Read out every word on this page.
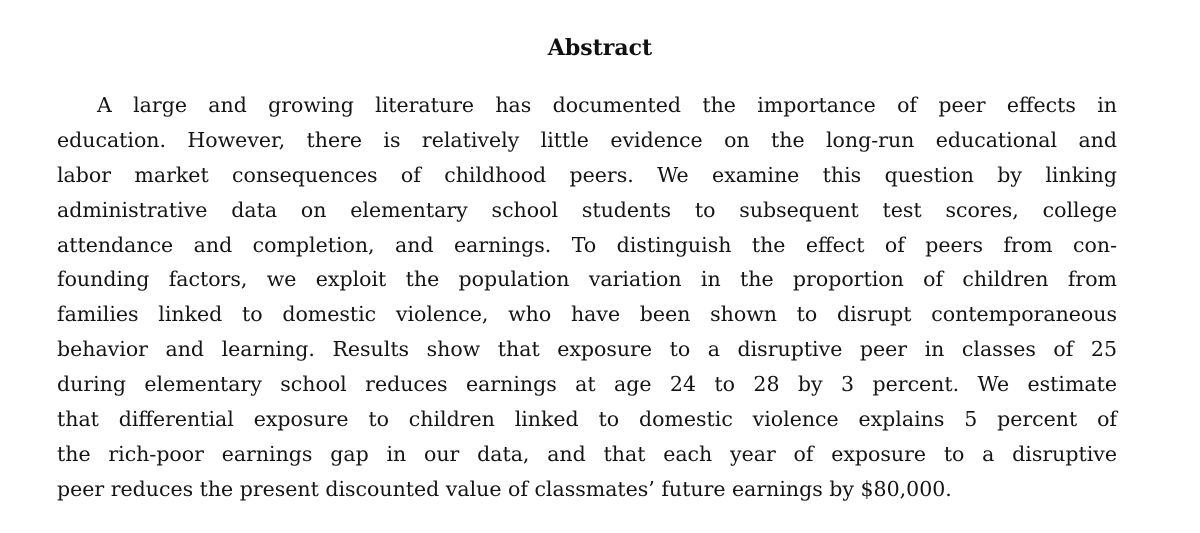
Abstract
A large and growing literature has documented the importance of peer effects in
education. However, there is relatively little evidence on the long-run educational and
labor market consequences of childhood peers. We examine this question by linking
administrative data on elementary school students to subsequent test scores, college
attendance and completion, and earnings. To distinguish the effect of peers from con-
founding factors, we exploit the population variation in the proportion of children from
families linked to domestic violence, who have been shown to disrupt contemporaneous
behavior and learning. Results show that exposure to a disruptive peer in classes of 25
during elementary school reduces earnings at age 24 to 28 by 3 percent. We estimate
that differential exposure to children linked to domestic violence explains 5 percent of
the rich-poor earnings gap in our data, and that each year of exposure to a disruptive
peer reduces the present discounted value of classmates’ future earnings by $80,000.
